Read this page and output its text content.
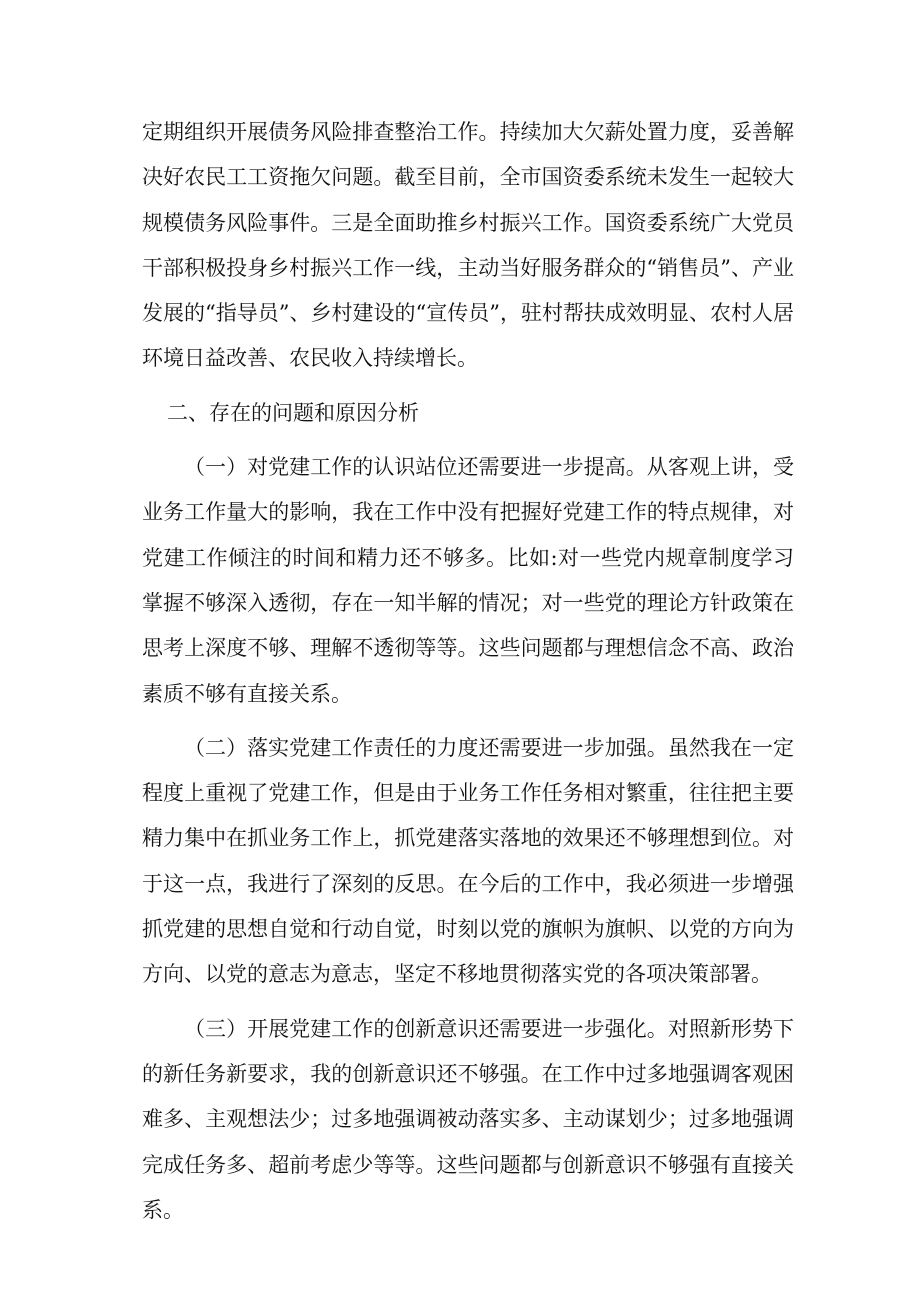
定期组织开展债务风险排查整治工作。持续加大欠薪处置力度，妥善解决好农民工工资拖欠问题。截至目前，全市国资委系统未发生一起较大规模债务风险事件。三是全面助推乡村振兴工作。国资委系统广大党员干部积极投身乡村振兴工作一线，主动当好服务群众的“销售员”、产业发展的“指导员”、乡村建设的“宣传员”，驻村帮扶成效明显、农村人居环境日益改善、农民收入持续增长。

二、存在的问题和原因分析

（一）对党建工作的认识站位还需要进一步提高。从客观上讲，受业务工作量大的影响，我在工作中没有把握好党建工作的特点规律，对党建工作倾注的时间和精力还不够多。比如:对一些党内规章制度学习掌握不够深入透彻，存在一知半解的情况；对一些党的理论方针政策在思考上深度不够、理解不透彻等等。这些问题都与理想信念不高、政治素质不够有直接关系。

（二）落实党建工作责任的力度还需要进一步加强。虽然我在一定程度上重视了党建工作，但是由于业务工作任务相对繁重，往往把主要精力集中在抓业务工作上，抓党建落实落地的效果还不够理想到位。对于这一点，我进行了深刻的反思。在今后的工作中，我必须进一步增强抓党建的思想自觉和行动自觉，时刻以党的旗帜为旗帜、以党的方向为方向、以党的意志为意志，坚定不移地贯彻落实党的各项决策部署。

（三）开展党建工作的创新意识还需要进一步强化。对照新形势下的新任务新要求，我的创新意识还不够强。在工作中过多地强调客观困难多、主观想法少；过多地强调被动落实多、主动谋划少；过多地强调完成任务多、超前考虑少等等。这些问题都与创新意识不够强有直接关系。
